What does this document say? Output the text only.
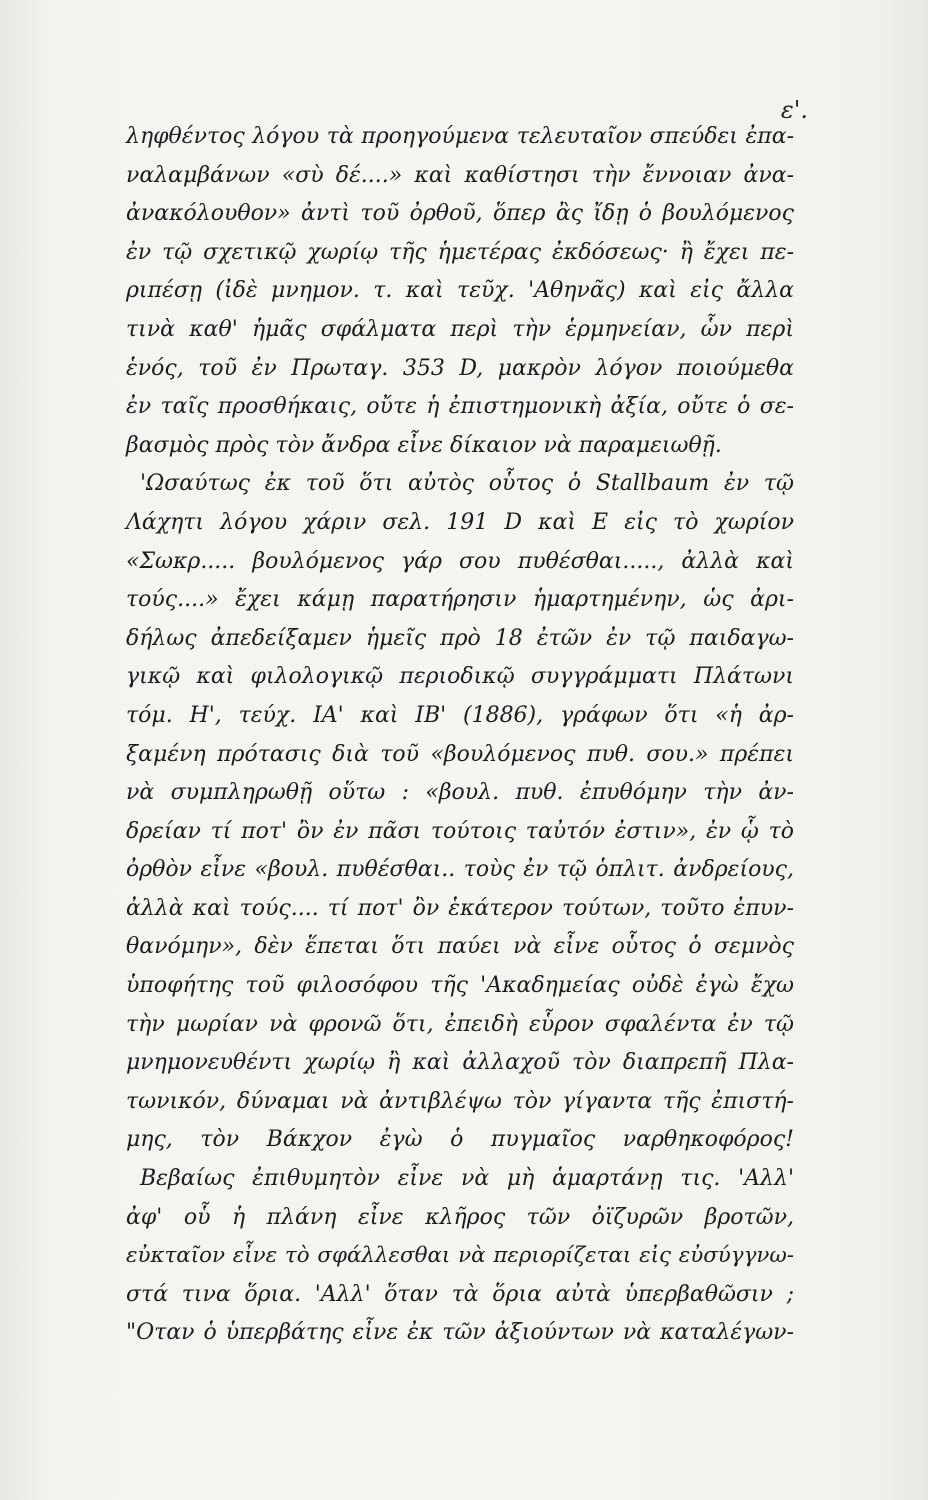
ε'.
ληφθέντος λόγου τὰ προηγούμενα τελευταῖον σπεύδει ἐπα-
ναλαμβάνων «σὺ δέ....» καὶ καθίστησι τὴν ἔννοιαν ἀνα-
ἀνακόλουθον» ἀντὶ τοῦ ὀρθοῦ, ὅπερ ἂς ἴδῃ ὁ βουλόμενος
ἐν τῷ σχετικῷ χωρίῳ τῆς ἡμετέρας ἐκδόσεως· ἢ ἔχει πε-
ριπέσῃ (ἰδὲ μνημον. τ. καὶ τεῦχ. 'Αθηνᾶς) καὶ εἰς ἄλλα
τινὰ καθ' ἡμᾶς σφάλματα περὶ τὴν ἑρμηνείαν, ὧν περὶ
ἑνός, τοῦ ἐν Πρωταγ. 353 D, μακρὸν λόγον ποιούμεθα
ἐν ταῖς προσθήκαις, οὔτε ἡ ἐπιστημονικὴ ἀξία, οὔτε ὁ σε-
βασμὸς πρὸς τὸν ἄνδρα εἶνε δίκαιον νὰ παραμειωθῇ.
'Ωσαύτως ἐκ τοῦ ὅτι αὐτὸς οὗτος ὁ Stallbaum ἐν τῷ
Λάχητι λόγου χάριν σελ. 191 D καὶ E εἰς τὸ χωρίον
«Σωκρ..... βουλόμενος γάρ σου πυθέσθαι....., ἀλλὰ καὶ
τούς....» ἔχει κάμῃ παρατήρησιν ἡμαρτημένην, ὡς ἀρι-
δήλως ἀπεδείξαμεν ἡμεῖς πρὸ 18 ἐτῶν ἐν τῷ παιδαγω-
γικῷ καὶ φιλολογικῷ περιοδικῷ συγγράμματι Πλάτωνι
τόμ. H', τεύχ. IA' καὶ IB' (1886), γράφων ὅτι «ἡ ἀρ-
ξαμένη πρότασις διὰ τοῦ «βουλόμενος πυθ. σου.» πρέπει
νὰ συμπληρωθῇ οὕτω : «βουλ. πυθ. ἐπυθόμην τὴν ἀν-
δρείαν τί ποτ' ὂν ἐν πᾶσι τούτοις ταὐτόν ἐστιν», ἐν ᾧ τὸ
ὀρθὸν εἶνε «βουλ. πυθέσθαι.. τοὺς ἐν τῷ ὁπλιτ. ἀνδρείους,
ἀλλὰ καὶ τούς.... τί ποτ' ὂν ἑκάτερον τούτων, τοῦτο ἐπυν-
θανόμην», δὲν ἕπεται ὅτι παύει νὰ εἶνε οὗτος ὁ σεμνὸς
ὑποφήτης τοῦ φιλοσόφου τῆς 'Ακαδημείας οὐδὲ ἐγὼ ἔχω
τὴν μωρίαν νὰ φρονῶ ὅτι, ἐπειδὴ εὗρον σφαλέντα ἐν τῷ
μνημονευθέντι χωρίῳ ἢ καὶ ἀλλαχοῦ τὸν διαπρεπῆ Πλα-
τωνικόν, δύναμαι νὰ ἀντιβλέψω τὸν γίγαντα τῆς ἐπιστή-
μης, τὸν Βάκχον ἐγὼ ὁ πυγμαῖος ναρθηκοφόρος!
Βεβαίως ἐπιθυμητὸν εἶνε νὰ μὴ ἁμαρτάνῃ τις. 'Αλλ'
ἀφ' οὗ ἡ πλάνη εἶνε κλῆρος τῶν ὀϊζυρῶν βροτῶν,
εὐκταῖον εἶνε τὸ σφάλλεσθαι νὰ περιορίζεται εἰς εὐσύγγνω-
στά τινα ὅρια. 'Αλλ' ὅταν τὰ ὅρια αὐτὰ ὑπερβαθῶσιν ;
"Οταν ὁ ὑπερβάτης εἶνε ἐκ τῶν ἀξιούντων νὰ καταλέγων-
